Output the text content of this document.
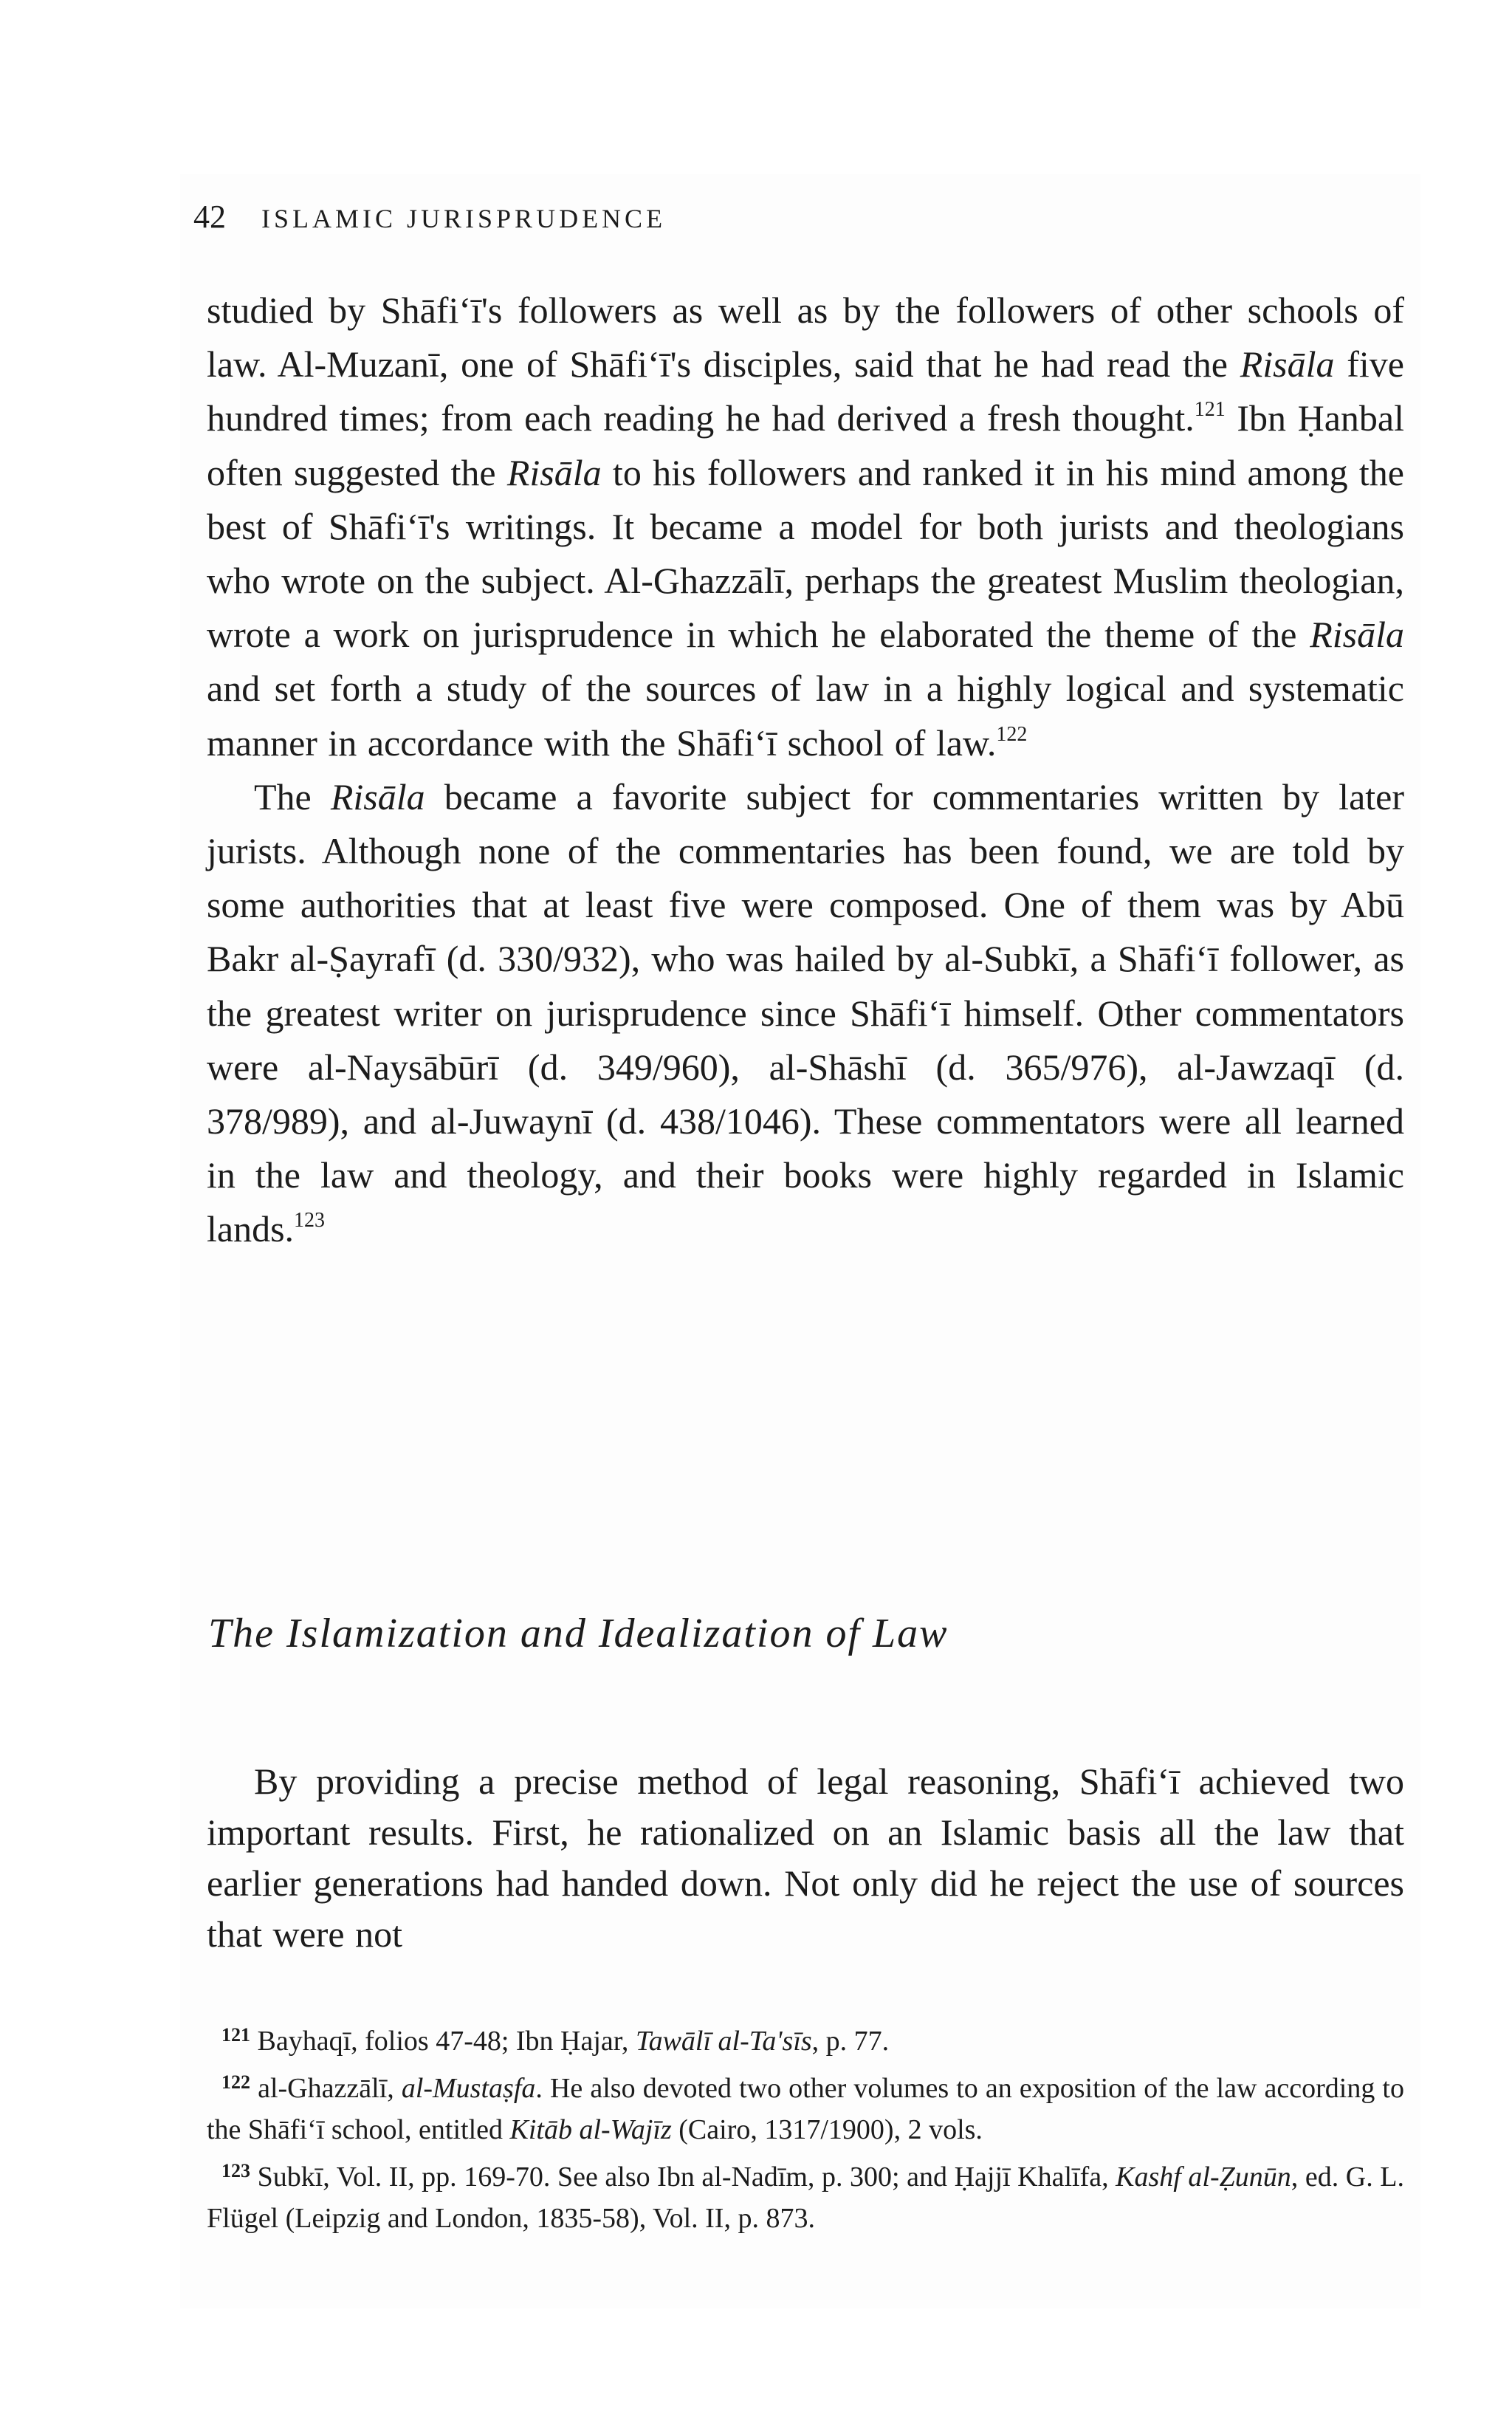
42 ISLAMIC JURISPRUDENCE

studied by Shāfi‘ī's followers as well as by the followers of other schools of law. Al-Muzanī, one of Shāfi‘ī's disciples, said that he had read the Risāla five hundred times; from each reading he had derived a fresh thought.$^{121}$ Ibn Ḥanbal often suggested the Risāla to his followers and ranked it in his mind among the best of Shāfi‘ī's writings. It became a model for both jurists and theologians who wrote on the subject. Al-Ghazzālī, perhaps the greatest Muslim theologian, wrote a work on jurisprudence in which he elaborated the theme of the Risāla and set forth a study of the sources of law in a highly logical and systematic manner in accordance with the Shāfi‘ī school of law.$^{122}$

The Risāla became a favorite subject for commentaries written by later jurists. Although none of the commentaries has been found, we are told by some authorities that at least five were composed. One of them was by Abū Bakr al-Ṣayrafī (d. 330/932), who was hailed by al-Subkī, a Shāfi‘ī follower, as the greatest writer on jurisprudence since Shāfi‘ī himself. Other commentators were al-Naysābūrī (d. 349/960), al-Shāshī (d. 365/976), al-Jawzaqī (d. 378/989), and al-Juwaynī (d. 438/1046). These commentators were all learned in the law and theology, and their books were highly regarded in Islamic lands.$^{123}$

The Islamization and Idealization of Law

By providing a precise method of legal reasoning, Shāfi‘ī achieved two important results. First, he rationalized on an Islamic basis all the law that earlier generations had handed down. Not only did he reject the use of sources that were not

$^{121}$ Bayhaqī, folios 47-48; Ibn Ḥajar, Tawālī al-Ta'sīs, p. 77.

$^{122}$ al-Ghazzālī, al-Mustaṣfa. He also devoted two other volumes to an exposition of the law according to the Shāfi‘ī school, entitled Kitāb al-Wajīz (Cairo, 1317/1900), 2 vols.

$^{123}$ Subkī, Vol. II, pp. 169-70. See also Ibn al-Nadīm, p. 300; and Ḥajjī Khalīfa, Kashf al-Ẓunūn, ed. G. L. Flügel (Leipzig and London, 1835-58), Vol. II, p. 873.
